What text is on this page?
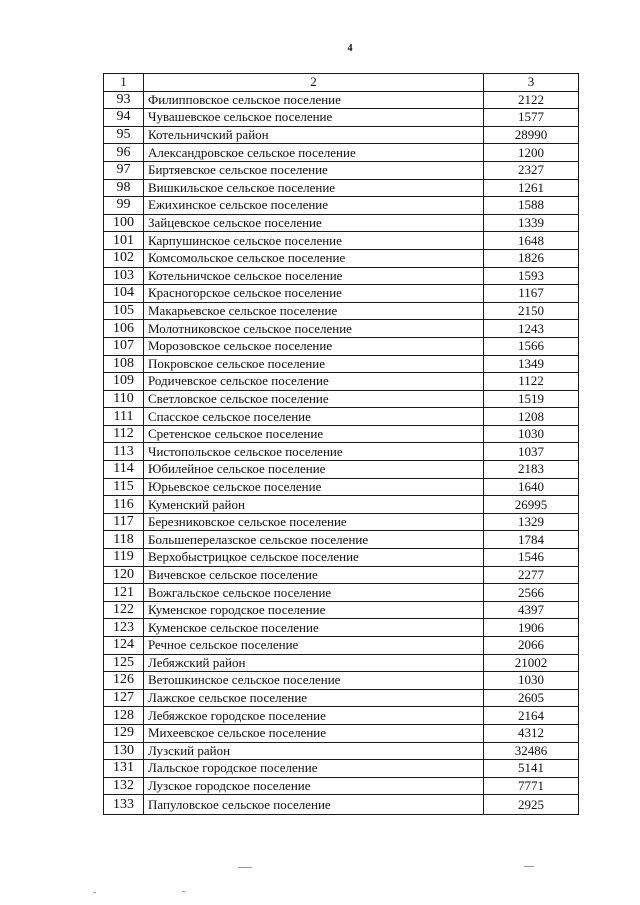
4
1	2	3
93	Филипповское сельское поселение	2122
94	Чувашевское сельское поселение	1577
95	Котельничский район	28990
96	Александровское сельское поселение	1200
97	Биртяевское сельское поселение	2327
98	Вишкильское сельское поселение	1261
99	Ежихинское сельское поселение	1588
100	Зайцевское сельское поселение	1339
101	Карпушинское сельское поселение	1648
102	Комсомольское сельское поселение	1826
103	Котельничское сельское поселение	1593
104	Красногорское сельское поселение	1167
105	Макарьевское сельское поселение	2150
106	Молотниковское сельское поселение	1243
107	Морозовское сельское поселение	1566
108	Покровское сельское поселение	1349
109	Родичевское сельское поселение	1122
110	Светловское сельское поселение	1519
111	Спасское сельское поселение	1208
112	Сретенское сельское поселение	1030
113	Чистопольское сельское поселение	1037
114	Юбилейное сельское поселение	2183
115	Юрьевское сельское поселение	1640
116	Куменский район	26995
117	Березниковское сельское поселение	1329
118	Большеперелазское сельское поселение	1784
119	Верхобыстрицкое сельское поселение	1546
120	Вичевское сельское поселение	2277
121	Вожгальское сельское поселение	2566
122	Куменское городское поселение	4397
123	Куменское сельское поселение	1906
124	Речное сельское поселение	2066
125	Лебяжский район	21002
126	Ветошкинское сельское поселение	1030
127	Лажское сельское поселение	2605
128	Лебяжское городское поселение	2164
129	Михеевское сельское поселение	4312
130	Лузский район	32486
131	Лальское городское поселение	5141
132	Лузское городское поселение	7771
133	Папуловское сельское поселение	2925
